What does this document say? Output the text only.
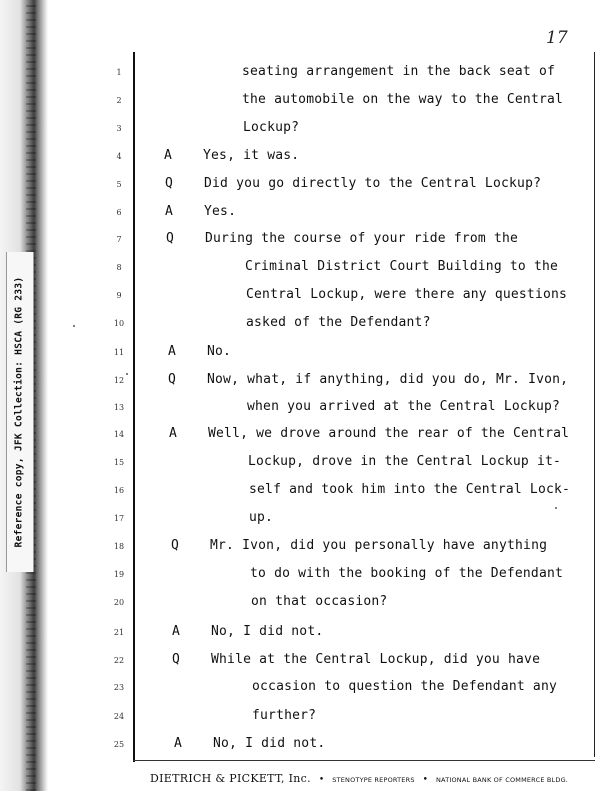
Reference copy, JFK Collection: HSCA (RG 233)
17
1	seating arrangement in the back seat of
2	the automobile on the way to the Central
3	Lockup?
4	A Yes, it was.
5	Q Did you go directly to the Central Lockup?
6	A Yes.
7	Q During the course of your ride from the
8	Criminal District Court Building to the
9	Central Lockup, were there any questions
10	asked of the Defendant?
11	A No.
12	Q Now, what, if anything, did you do, Mr. Ivon,
13	when you arrived at the Central Lockup?
14	A Well, we drove around the rear of the Central
15	Lockup, drove in the Central Lockup it-
16	self and took him into the Central Lock-
17	up.
18	Q Mr. Ivon, did you personally have anything
19	to do with the booking of the Defendant
20	on that occasion?
21	A No, I did not.
22	Q While at the Central Lockup, did you have
23	occasion to question the Defendant any
24	further?
25	A No, I did not.
DIETRICH & PICKETT, Inc. • STENOTYPE REPORTERS • NATIONAL BANK OF COMMERCE BLDG.
